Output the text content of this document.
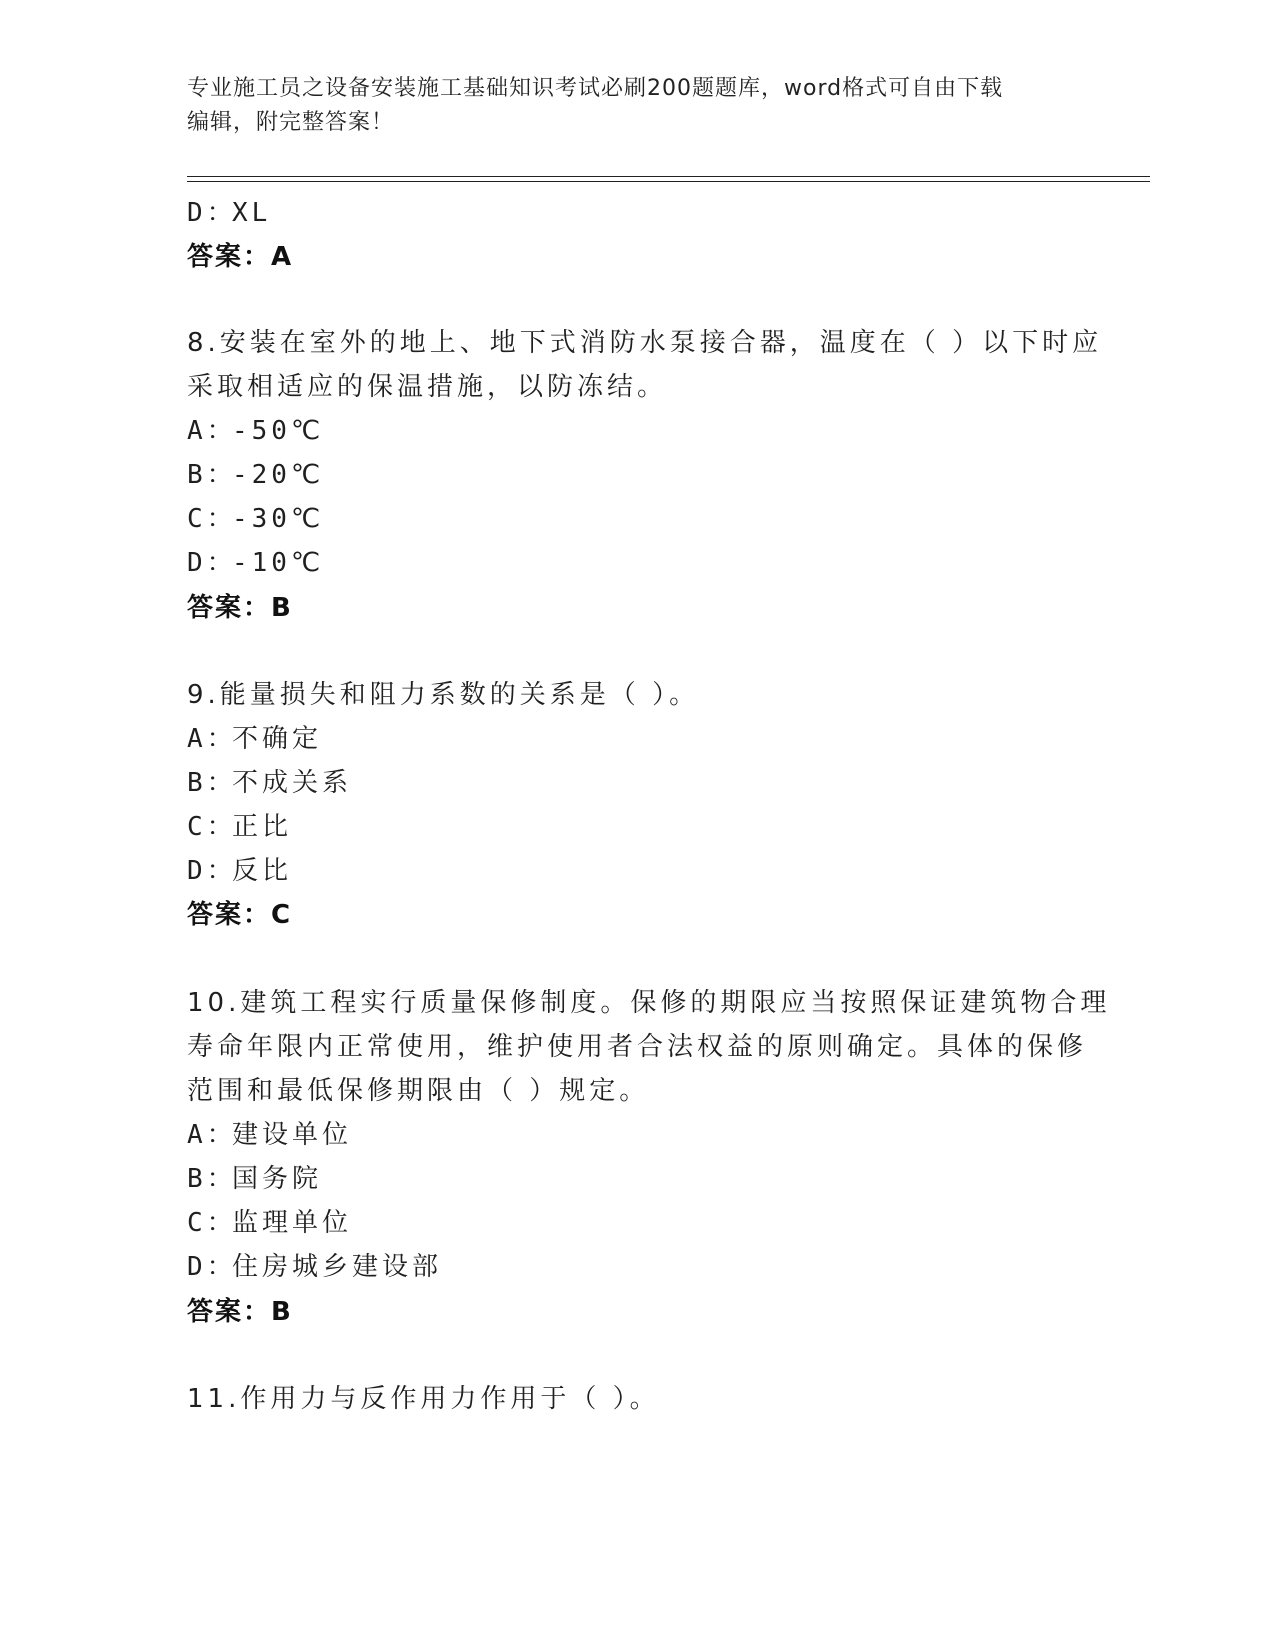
专业施工员之设备安装施工基础知识考试必刷200题题库，word格式可自由下载
编辑，附完整答案！
D：XL
答案：A
8.安装在室外的地上、地下式消防水泵接合器，温度在（ ）以下时应
采取相适应的保温措施，以防冻结。
A：-50℃
B：-20℃
C：-30℃
D：-10℃
答案：B
9.能量损失和阻力系数的关系是（ ）。
A：不确定
B：不成关系
C：正比
D：反比
答案：C
10.建筑工程实行质量保修制度。保修的期限应当按照保证建筑物合理
寿命年限内正常使用，维护使用者合法权益的原则确定。具体的保修
范围和最低保修期限由（ ）规定。
A：建设单位
B：国务院
C：监理单位
D：住房城乡建设部
答案：B
11.作用力与反作用力作用于（ ）。
